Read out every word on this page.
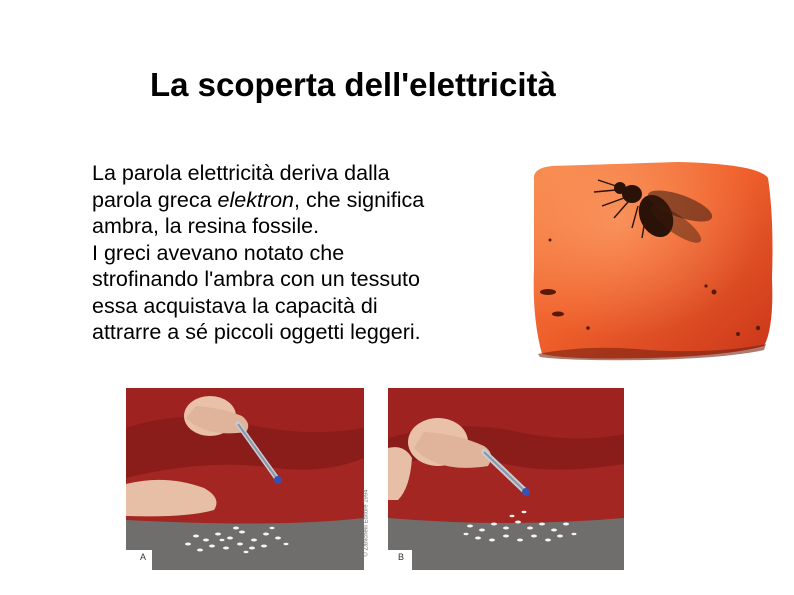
La scoperta dell'elettricità
La parola elettricità deriva dalla
parola greca elektron, che significa
ambra, la resina fossile.
I greci avevano notato che
strofinando l'ambra con un tessuto
essa acquistava la capacità di
attrarre a sé piccoli oggetti leggeri.
A
© Zanichelli Editore 1994
B
